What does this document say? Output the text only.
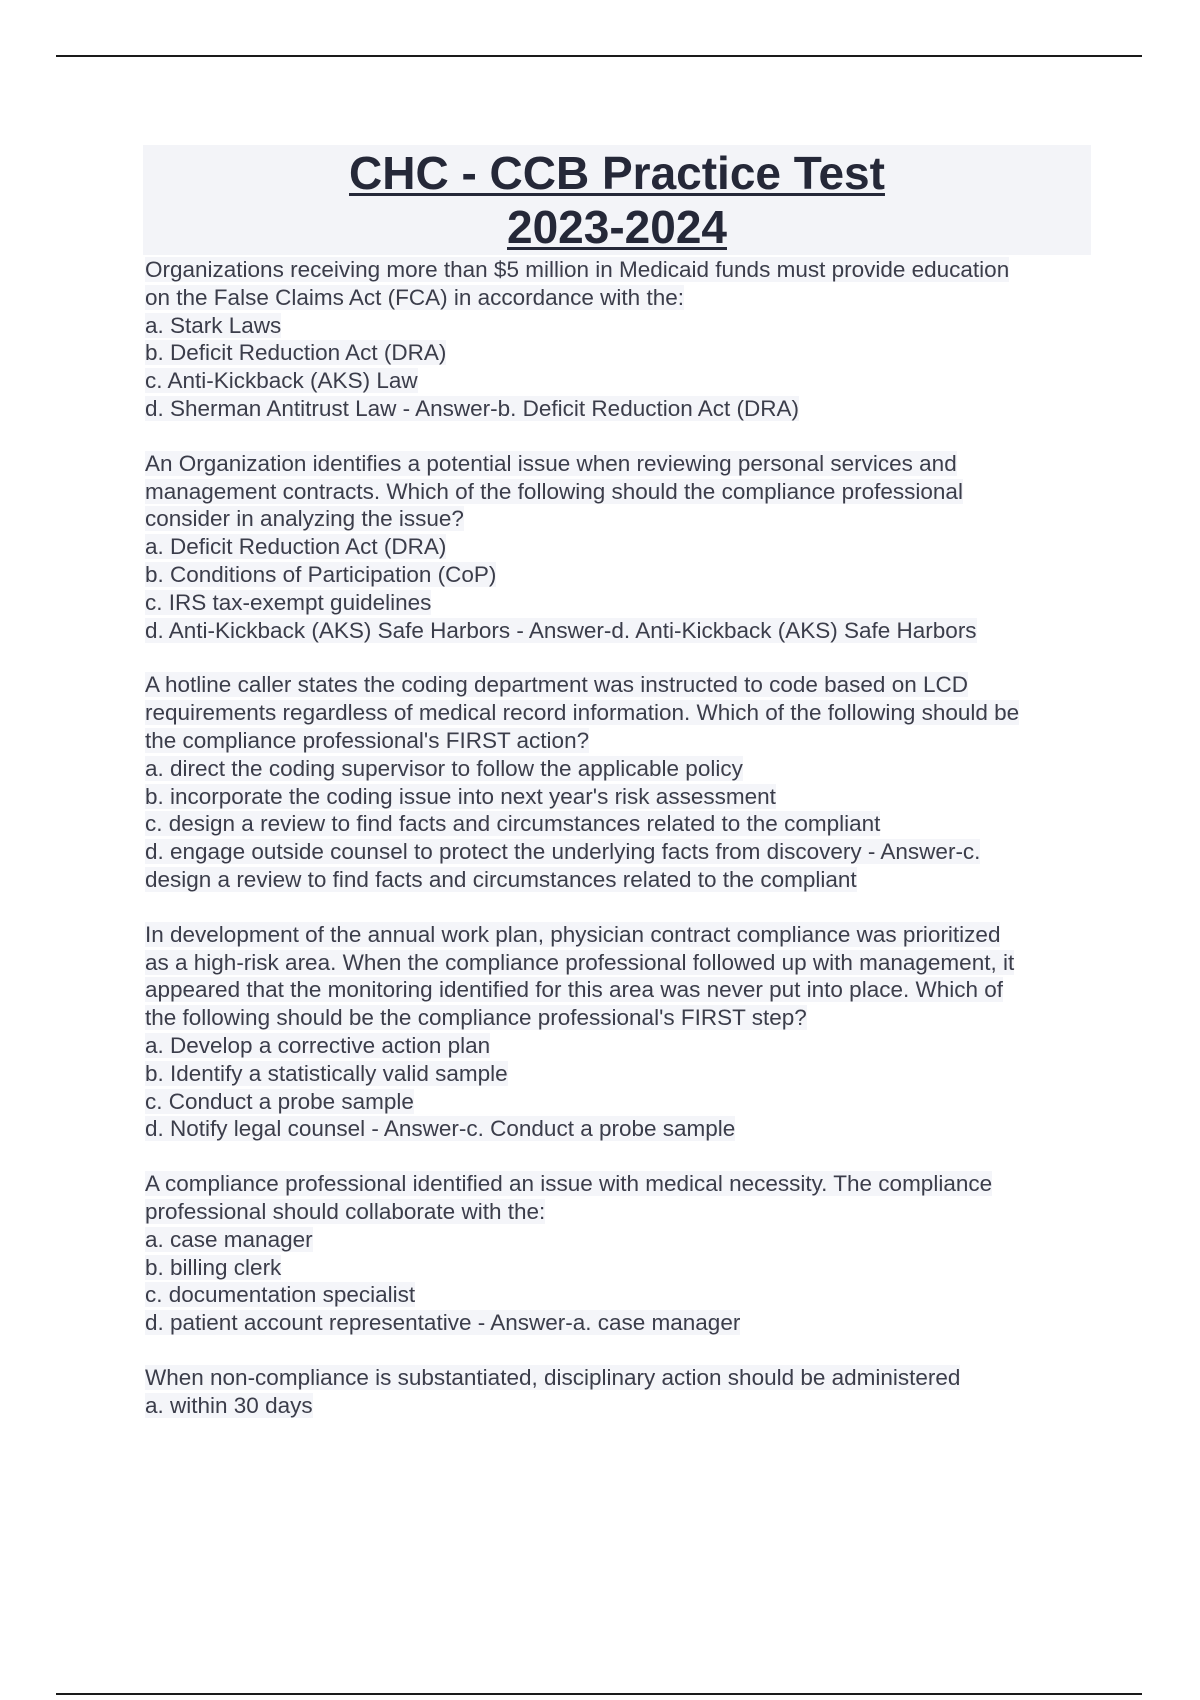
CHC - CCB Practice Test
2023-2024
Organizations receiving more than $5 million in Medicaid funds must provide education
on the False Claims Act (FCA) in accordance with the:
a. Stark Laws
b. Deficit Reduction Act (DRA)
c. Anti-Kickback (AKS) Law
d. Sherman Antitrust Law - Answer-b. Deficit Reduction Act (DRA)
An Organization identifies a potential issue when reviewing personal services and
management contracts. Which of the following should the compliance professional
consider in analyzing the issue?
a. Deficit Reduction Act (DRA)
b. Conditions of Participation (CoP)
c. IRS tax-exempt guidelines
d. Anti-Kickback (AKS) Safe Harbors - Answer-d. Anti-Kickback (AKS) Safe Harbors
A hotline caller states the coding department was instructed to code based on LCD
requirements regardless of medical record information. Which of the following should be
the compliance professional's FIRST action?
a. direct the coding supervisor to follow the applicable policy
b. incorporate the coding issue into next year's risk assessment
c. design a review to find facts and circumstances related to the compliant
d. engage outside counsel to protect the underlying facts from discovery - Answer-c.
design a review to find facts and circumstances related to the compliant
In development of the annual work plan, physician contract compliance was prioritized
as a high-risk area. When the compliance professional followed up with management, it
appeared that the monitoring identified for this area was never put into place. Which of
the following should be the compliance professional's FIRST step?
a. Develop a corrective action plan
b. Identify a statistically valid sample
c. Conduct a probe sample
d. Notify legal counsel - Answer-c. Conduct a probe sample
A compliance professional identified an issue with medical necessity. The compliance
professional should collaborate with the:
a. case manager
b. billing clerk
c. documentation specialist
d. patient account representative - Answer-a. case manager
When non-compliance is substantiated, disciplinary action should be administered
a. within 30 days
